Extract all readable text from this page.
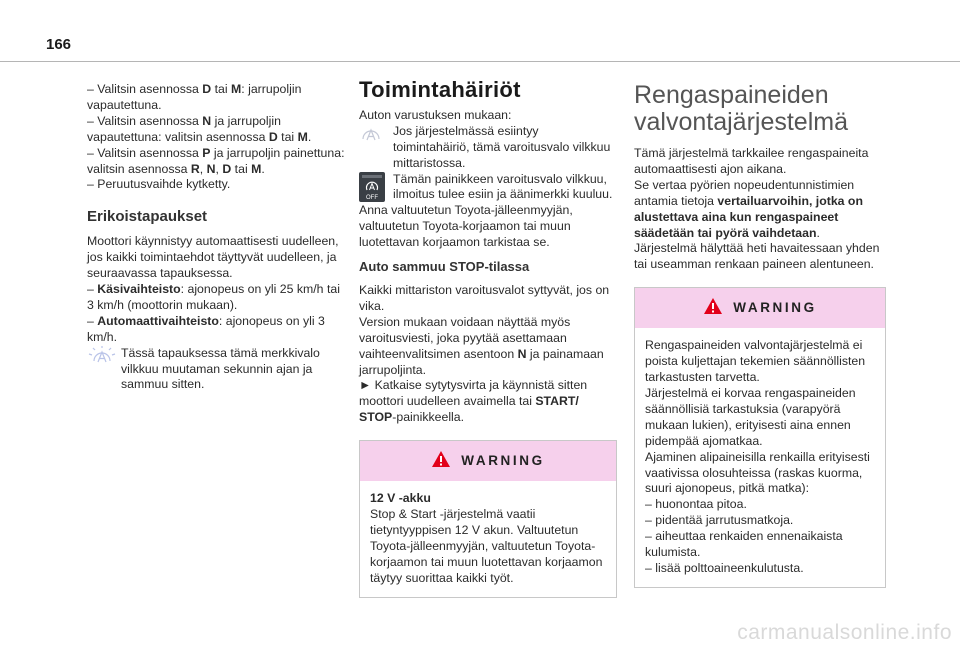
166

– Valitsin asennossa D tai M: jarrupoljin vapautettuna.

– Valitsin asennossa N ja jarrupoljin vapautettuna: valitsin asennossa D tai M.

– Valitsin asennossa P ja jarrupoljin painettuna: valitsin asennossa R, N, D tai M.

– Peruutusvaihde kytketty.

Erikoistapaukset

Moottori käynnistyy automaattisesti uudelleen, jos kaikki toimintaehdot täyttyvät uudelleen, ja seuraavassa tapauksessa.

– Käsivaihteisto: ajonopeus on yli 25 km/h tai 3 km/h (moottorin mukaan).

– Automaattivaihteisto: ajonopeus on yli 3 km/h.

Tässä tapauksessa tämä merkkivalo vilkkuu muutaman sekunnin ajan ja sammuu sitten.

Toimintahäiriöt

Auton varustuksen mukaan:

Jos järjestelmässä esiintyy toimintahäiriö, tämä varoitusvalo vilkkuu mittaristossa.

OFF
Tämän painikkeen varoitusvalo vilkkuu, ilmoitus tulee esiin ja äänimerkki kuuluu.

Anna valtuutetun Toyota-jälleenmyyjän, valtuutetun Toyota-korjaamon tai muun luotettavan korjaamon tarkistaa se.

Auto sammuu STOP-tilassa

Kaikki mittariston varoitusvalot syttyvät, jos on vika.

Version mukaan voidaan näyttää myös varoitusviesti, joka pyytää asettamaan vaihteenvalitsimen asentoon N ja painamaan jarrupoljinta.

► Katkaise sytytysvirta ja käynnistä sitten moottori uudelleen avaimella tai START/ STOP-painikkeella.

WARNING

12 V -akku

Stop & Start -järjestelmä vaatii tietyntyyppisen 12 V akun. Valtuutetun Toyota-jälleenmyyjän, valtuutetun Toyota-korjaamon tai muun luotettavan korjaamon täytyy suorittaa kaikki työt.

Rengaspaineiden valvontajärjestelmä

Tämä järjestelmä tarkkailee rengaspaineita automaattisesti ajon aikana.

Se vertaa pyörien nopeudentunnistimien antamia tietoja vertailuarvoihin, jotka on alustettava aina kun rengaspaineet säädetään tai pyörä vaihdetaan.

Järjestelmä hälyttää heti havaitessaan yhden tai useamman renkaan paineen alentuneen.

WARNING

Rengaspaineiden valvontajärjestelmä ei poista kuljettajan tekemien säännöllisten tarkastusten tarvetta.

Järjestelmä ei korvaa rengaspaineiden säännöllisiä tarkastuksia (varapyörä mukaan lukien), erityisesti aina ennen pidempää ajomatkaa.

Ajaminen alipaineisilla renkailla erityisesti vaativissa olosuhteissa (raskas kuorma, suuri ajonopeus, pitkä matka):

– huonontaa pitoa.

– pidentää jarrutusmatkoja.

– aiheuttaa renkaiden ennenaikaista kulumista.

– lisää polttoaineenkulutusta.

carmanualsonline.info
